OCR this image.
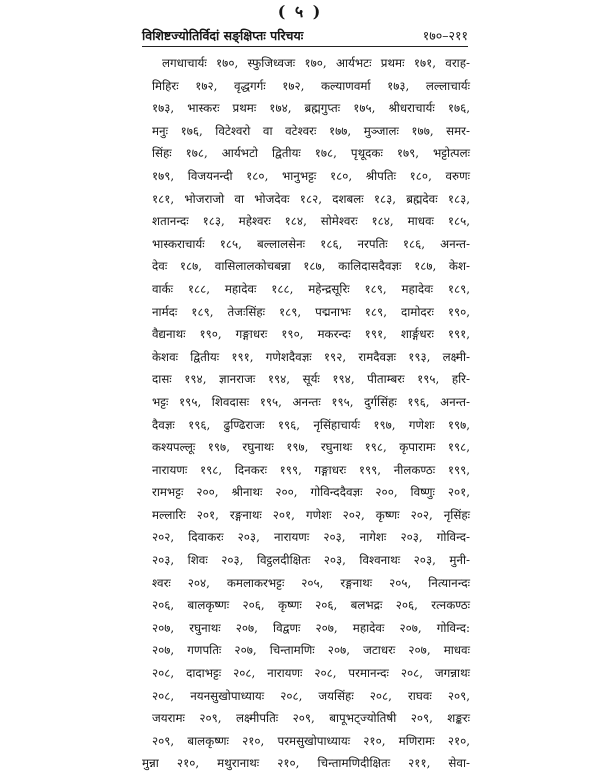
( ५ )
विशिष्टज्योतिर्विदां सङ्क्षिप्तः परिचयः	१७०–२११
लगधाचार्यः १७०, स्फुजिध्वजः १७०, आर्यभटः प्रथमः १७१, वराह-
मिहिरः १७२, वृद्धगर्गः १७२, कल्याणवर्मा १७३, लल्लाचार्यः
१७३, भास्करः प्रथमः १७४, ब्रह्मगुप्तः १७५, श्रीधराचार्यः १७६,
मनुः १७६, विटेश्वरो वा वटेश्वरः १७७, मुञ्जालः १७७, समर-
सिंहः १७८, आर्यभटो द्वितीयः १७८, पृथूदकः १७९, भट्टोत्पलः
१७९, विजयनन्दी १८०, भानुभट्टः १८०, श्रीपतिः १८०, वरुणः
१८१, भोजराजो वा भोजदेवः १८२, दशबलः १८३, ब्रह्मदेवः १८३,
शतानन्दः १८३, महेश्वरः १८४, सोमेश्वरः १८४, माधवः १८५,
भास्कराचार्यः १८५, बल्लालसेनः १८६, नरपतिः १८६, अनन्त-
देवः १८७, वासिलालकोचबन्ना १८७, कालिदासदैवज्ञः १८७, केश-
वार्कः १८८, महादेवः १८८, महेन्द्रसूरिः १८९, महादेवः १८९,
नार्मदः १८९, तेजःसिंहः १८९, पद्मनाभः १८९, दामोदरः १९०,
वैद्यनाथः १९०, गङ्गाधरः १९०, मकरन्दः १९१, शार्ङ्गधरः १९१,
केशवः द्वितीयः १९१, गणेशदैवज्ञः १९२, रामदैवज्ञः १९३, लक्ष्मी-
दासः १९४, ज्ञानराजः १९४, सूर्यः १९४, पीताम्बरः १९५, हरि-
भट्टः १९५, शिवदासः १९५, अनन्तः १९५, दुर्गसिंहः १९६, अनन्त-
दैवज्ञः १९६, ढुण्ढिराजः १९६, नृसिंहाचार्यः १९७, गणेशः १९७,
कश्यपल्लूः १९७, रघुनाथः १९७, रघुनाथः १९८, कृपारामः १९८,
नारायणः १९८, दिनकरः १९९, गङ्गाधरः १९९, नीलकण्ठः १९९,
रामभट्टः २००, श्रीनाथः २००, गोविन्ददैवज्ञः २००, विष्णुः २०१,
मल्लारिः २०१, रङ्गनाथः २०१, गणेशः २०२, कृष्णः २०२, नृसिंहः
२०२, दिवाकरः २०३, नारायणः २०३, नागेशः २०३, गोविन्द-
२०३, शिवः २०३, विट्ठलदीक्षितः २०३, विश्वनाथः २०३, मुनी-
श्वरः २०४, कमलाकरभट्टः २०५, रङ्गनाथः २०५, नित्यानन्दः
२०६, बालकृष्णः २०६, कृष्णः २०६, बलभद्रः २०६, रत्नकण्ठः
२०७, रघुनाथः २०७, विद्वणः २०७, महादेवः २०७, गोविन्द:
२०७, गणपतिः २०७, चिन्तामणिः २०७, जटाधरः २०७, माधवः
२०८, दादाभट्टः २०८, नारायणः २०८, परमानन्दः २०८, जगन्नाथः
२०८, नयनसुखोपाध्यायः २०८, जयसिंहः २०८, राघवः २०९,
जयरामः २०९, लक्ष्मीपतिः २०९, बापूभट्ज्योतिषी २०९, शङ्करः
२०९, बालकृष्णः २१०, परमसुखोपाध्यायः २१०, मणिरामः २१०,
मुन्ना २१०, मथुरानाथः २१०, चिन्तामणिदीक्षितः २११, सेवा-
